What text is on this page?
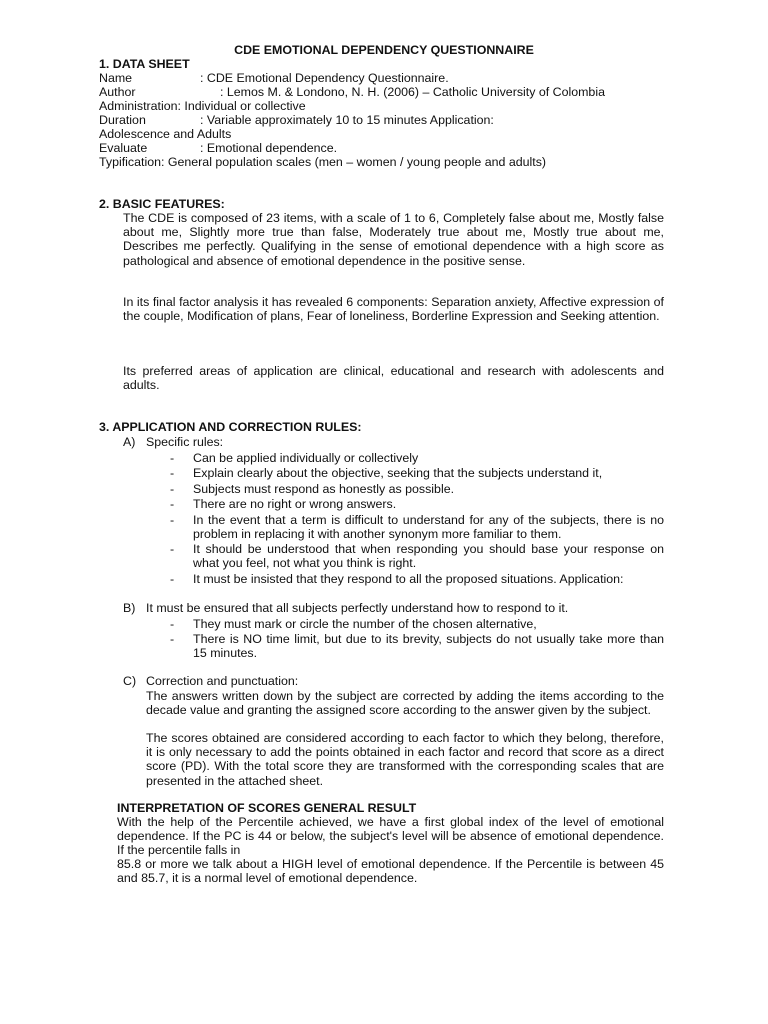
CDE EMOTIONAL DEPENDENCY QUESTIONNAIRE
1. DATA SHEET
Name	: CDE Emotional Dependency Questionnaire.
Author	: Lemos M. & Londono, N. H. (2006) – Catholic University of Colombia
Administration: Individual or collective
Duration	: Variable approximately 10 to 15 minutes Application:
Adolescence and Adults
Evaluate	: Emotional dependence.
Typification: General population scales (men – women / young people and adults)
2. BASIC FEATURES:
The CDE is composed of 23 items, with a scale of 1 to 6, Completely false about me, Mostly false about me, Slightly more true than false, Moderately true about me, Mostly true about me, Describes me perfectly. Qualifying in the sense of emotional dependence with a high score as pathological and absence of emotional dependence in the positive sense.
In its final factor analysis it has revealed 6 components: Separation anxiety, Affective expression of the couple, Modification of plans, Fear of loneliness, Borderline Expression and Seeking attention.
Its preferred areas of application are clinical, educational and research with adolescents and adults.
3. APPLICATION AND CORRECTION RULES:
A) Specific rules:
- Can be applied individually or collectively
- Explain clearly about the objective, seeking that the subjects understand it,
- Subjects must respond as honestly as possible.
- There are no right or wrong answers.
- In the event that a term is difficult to understand for any of the subjects, there is no problem in replacing it with another synonym more familiar to them.
- It should be understood that when responding you should base your response on what you feel, not what you think is right.
- It must be insisted that they respond to all the proposed situations. Application:
B) It must be ensured that all subjects perfectly understand how to respond to it.
- They must mark or circle the number of the chosen alternative,
- There is NO time limit, but due to its brevity, subjects do not usually take more than 15 minutes.
C) Correction and punctuation:
The answers written down by the subject are corrected by adding the items according to the decade value and granting the assigned score according to the answer given by the subject.
The scores obtained are considered according to each factor to which they belong, therefore, it is only necessary to add the points obtained in each factor and record that score as a direct score (PD). With the total score they are transformed with the corresponding scales that are presented in the attached sheet.
INTERPRETATION OF SCORES GENERAL RESULT
With the help of the Percentile achieved, we have a first global index of the level of emotional dependence. If the PC is 44 or below, the subject's level will be absence of emotional dependence. If the percentile falls in
85.8 or more we talk about a HIGH level of emotional dependence. If the Percentile is between 45 and 85.7, it is a normal level of emotional dependence.
